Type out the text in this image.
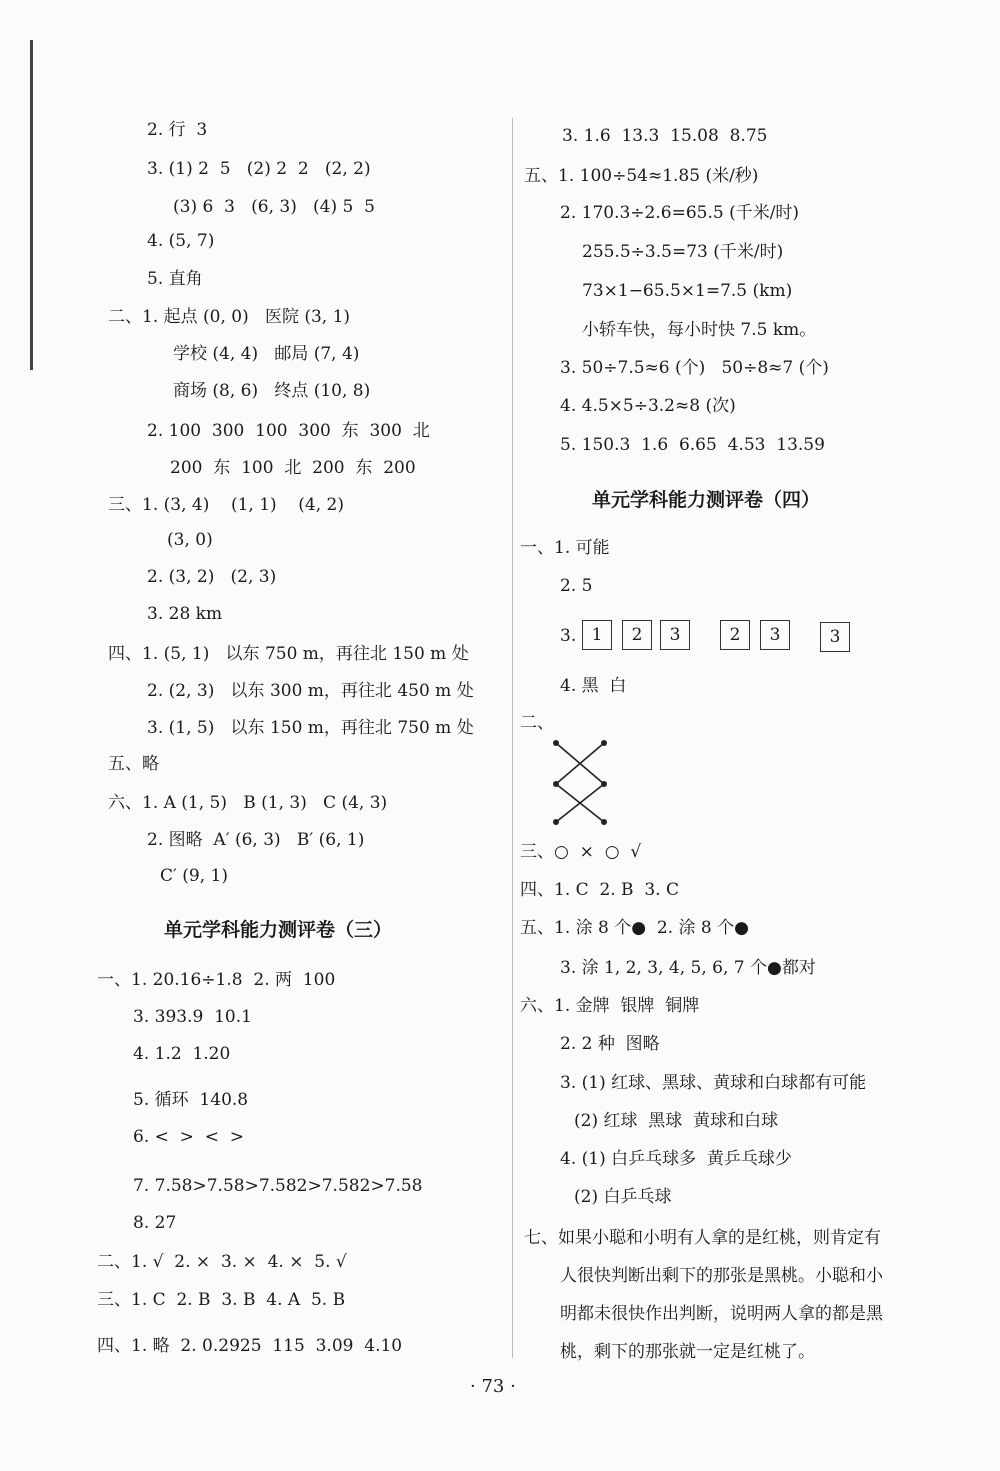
2. 行  3
3. (1) 2  5   (2) 2  2   (2, 2)
(3) 6  3   (6, 3)   (4) 5  5
4. (5, 7)
5. 直角
二、1. 起点 (0, 0)   医院 (3, 1)
学校 (4, 4)   邮局 (7, 4)
商场 (8, 6)   终点 (10, 8)
2. 100  300  100  300  东  300  北
200  东  100  北  200  东  200
三、1. (3, 4)    (1, 1)    (4, 2)
(3, 0)
2. (3, 2)   (2, 3)
3. 28 km
四、1. (5, 1)   以东 750 m，再往北 150 m 处
2. (2, 3)   以东 300 m，再往北 450 m 处
3. (1, 5)   以东 150 m，再往北 750 m 处
五、略
六、1. A (1, 5)   B (1, 3)   C (4, 3)
2. 图略  A′ (6, 3)   B′ (6, 1)
C′ (9, 1)
单元学科能力测评卷（三）
一、1. 20.16÷1.8  2. 两  100
3. 393.9  10.1
4. 1.2  1.20
5. 循环  140.8
6. <  >  <  >
7. 7.58>7.58>7.582>7.582>7.58
8. 27
二、1. √  2. ×  3. ×  4. ×  5. √
三、1. C  2. B  3. B  4. A  5. B
四、1. 略  2. 0.2925  115  3.09  4.10
3. 1.6  13.3  15.08  8.75
五、1. 100÷54≈1.85 (米/秒)
2. 170.3÷2.6=65.5 (千米/时)
255.5÷3.5=73 (千米/时)
73×1−65.5×1=7.5 (km)
小轿车快，每小时快 7.5 km。
3. 50÷7.5≈6 (个)   50÷8≈7 (个)
4. 4.5×5÷3.2≈8 (次)
5. 150.3  1.6  6.65  4.53  13.59
单元学科能力测评卷（四）
一、1. 可能
2. 5
3. 1	2	3	2	3	3
4. 黑  白
二、
三、○  ×  ○  √
四、1. C  2. B  3. C
五、1. 涂 8 个●  2. 涂 8 个●
3. 涂 1, 2, 3, 4, 5, 6, 7 个●都对
六、1. 金牌  银牌  铜牌
2. 2 种  图略
3. (1) 红球、黑球、黄球和白球都有可能
(2) 红球  黑球  黄球和白球
4. (1) 白乒乓球多  黄乒乓球少
(2) 白乒乓球
七、如果小聪和小明有人拿的是红桃，则肯定有
人很快判断出剩下的那张是黑桃。小聪和小
明都未很快作出判断，说明两人拿的都是黑
桃，剩下的那张就一定是红桃了。
· 73 ·
